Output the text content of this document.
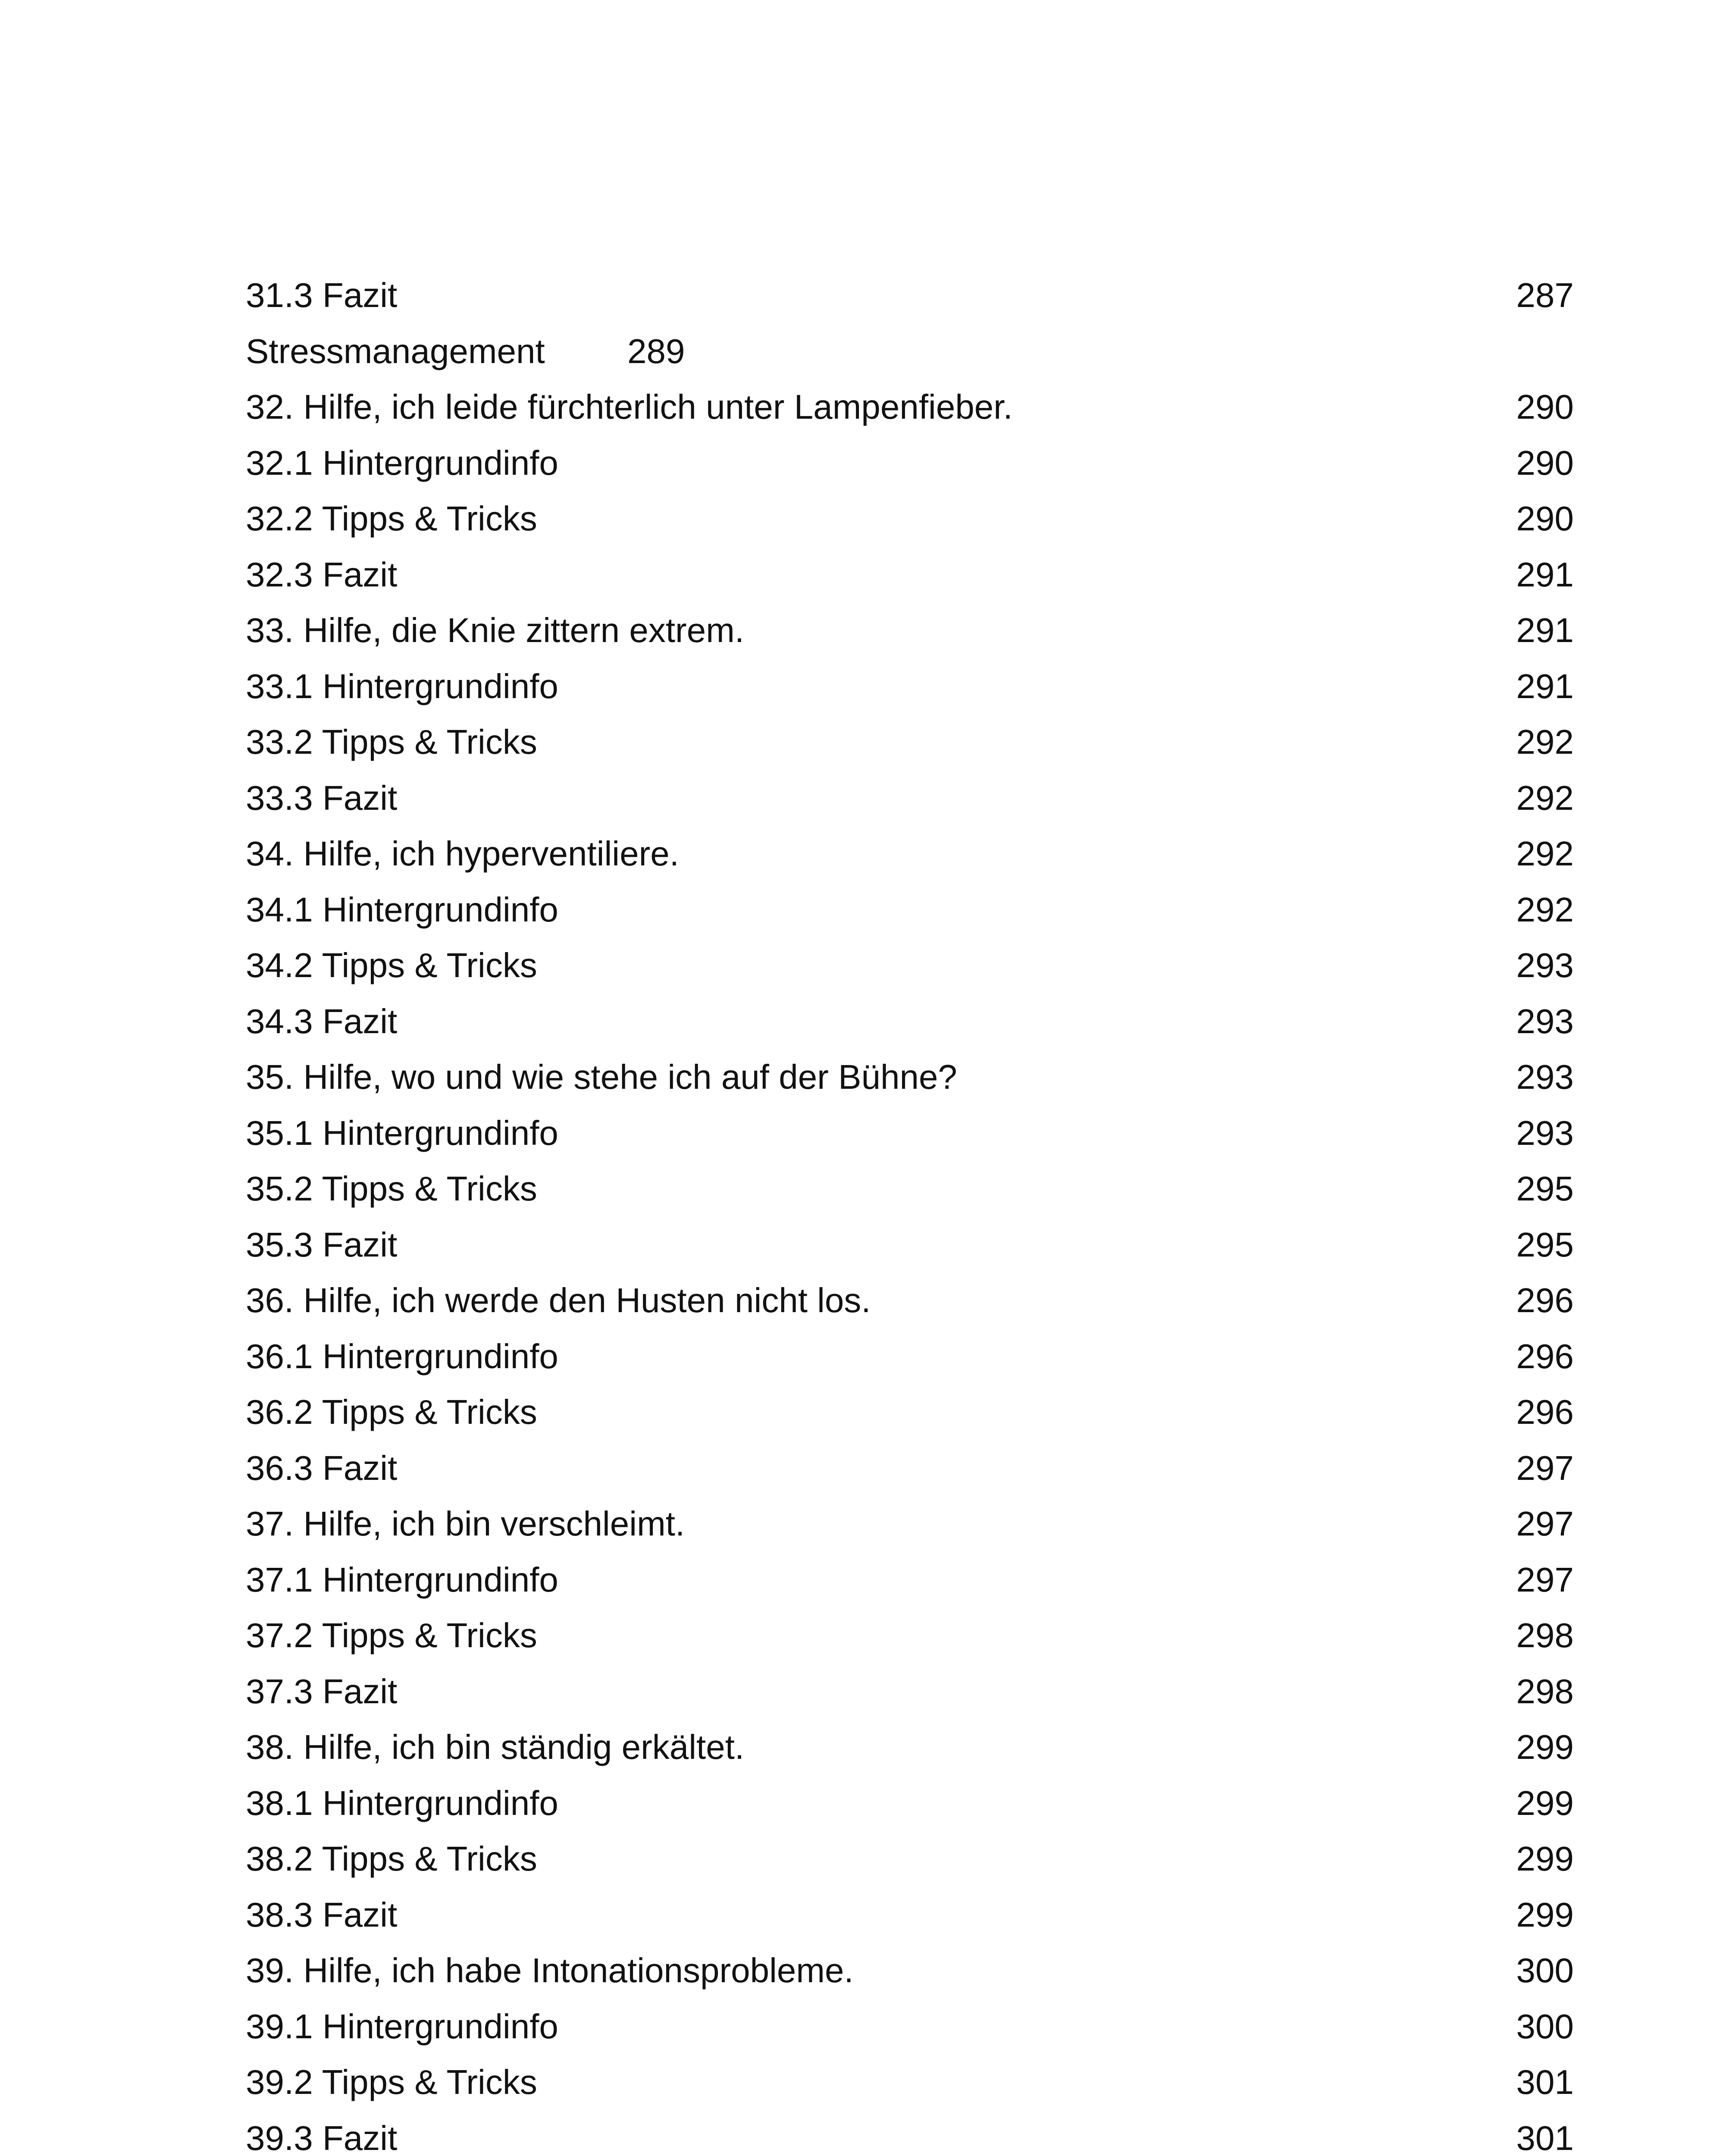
31.3 Fazit	287
Stressmanagement 289
32. Hilfe, ich leide fürchterlich unter Lampenfieber.	290
32.1 Hintergrundinfo	290
32.2 Tipps & Tricks	290
32.3 Fazit	291
33. Hilfe, die Knie zittern extrem.	291
33.1 Hintergrundinfo	291
33.2 Tipps & Tricks	292
33.3 Fazit	292
34. Hilfe, ich hyperventiliere.	292
34.1 Hintergrundinfo	292
34.2 Tipps & Tricks	293
34.3 Fazit	293
35. Hilfe, wo und wie stehe ich auf der Bühne?	293
35.1 Hintergrundinfo	293
35.2 Tipps & Tricks	295
35.3 Fazit	295
36. Hilfe, ich werde den Husten nicht los.	296
36.1 Hintergrundinfo	296
36.2 Tipps & Tricks	296
36.3 Fazit	297
37. Hilfe, ich bin verschleimt.	297
37.1 Hintergrundinfo	297
37.2 Tipps & Tricks	298
37.3 Fazit	298
38. Hilfe, ich bin ständig erkältet.	299
38.1 Hintergrundinfo	299
38.2 Tipps & Tricks	299
38.3 Fazit	299
39. Hilfe, ich habe Intonationsprobleme.	300
39.1 Hintergrundinfo	300
39.2 Tipps & Tricks	301
39.3 Fazit	301
